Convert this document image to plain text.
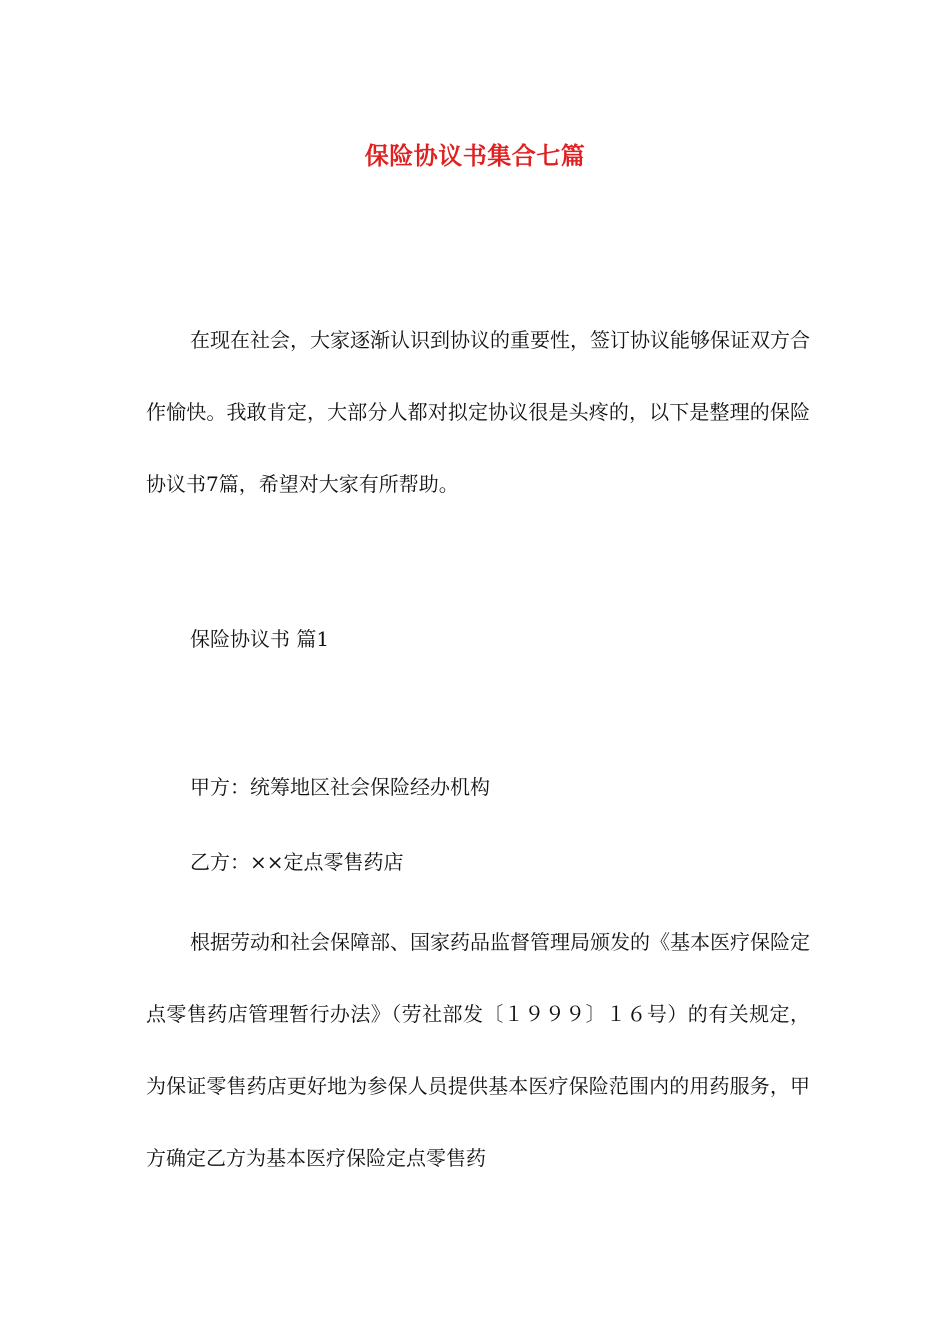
保险协议书集合七篇

在现在社会，大家逐渐认识到协议的重要性，签订协议能够保证双方合作愉快。我敢肯定，大部分人都对拟定协议很是头疼的，以下是整理的保险协议书7篇，希望对大家有所帮助。

保险协议书 篇1
甲方：统筹地区社会保险经办机构
乙方：××定点零售药店

根据劳动和社会保障部、国家药品监督管理局颁发的《基本医疗保险定点零售药店管理暂行办法》（劳社部发〔１９９９〕１６号）的有关规定，为保证零售药店更好地为参保人员提供基本医疗保险范围内的用药服务，甲方确定乙方为基本医疗保险定点零售药
